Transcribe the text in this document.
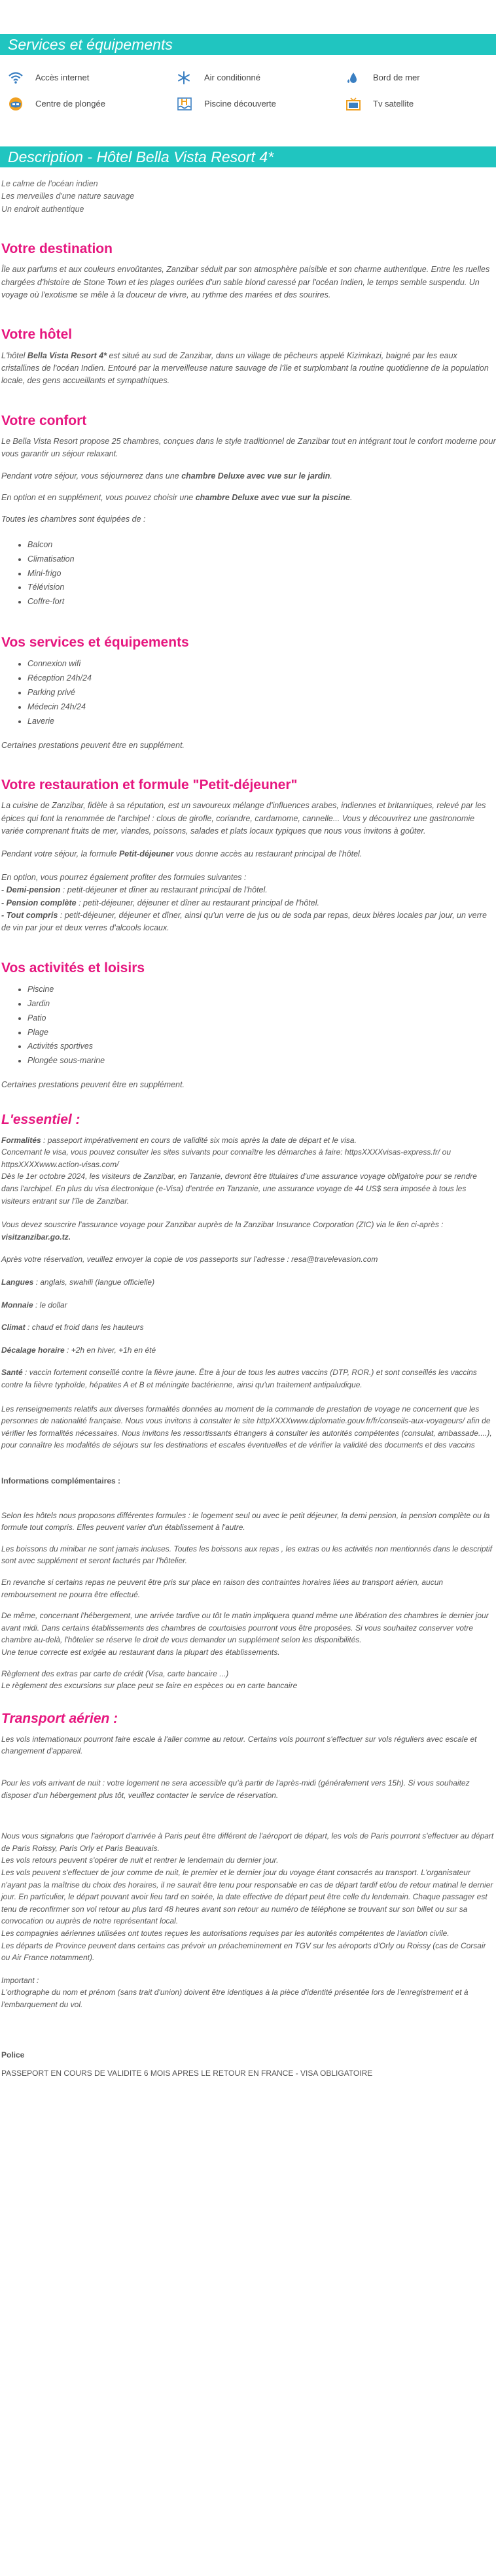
Services et équipements
Accès internet	Air conditionné	Bord de mer
Centre de plongée	Piscine découverte	Tv satellite
Description - Hôtel Bella Vista Resort 4*
Le calme de l'océan indien
Les merveilles d'une nature sauvage
Un endroit authentique
Votre destination

Île aux parfums et aux couleurs envoûtantes, Zanzibar séduit par son atmosphère paisible et son charme authentique. Entre les ruelles chargées d'histoire de Stone Town et les plages ourlées d'un sable blond caressé par l'océan Indien, le temps semble suspendu. Un voyage où l'exotisme se mêle à la douceur de vivre, au rythme des marées et des sourires.

Votre hôtel

L'hôtel Bella Vista Resort 4* est situé au sud de Zanzibar, dans un village de pêcheurs appelé Kizimkazi, baigné par les eaux cristallines de l'océan Indien. Entouré par la merveilleuse nature sauvage de l'île et surplombant la routine quotidienne de la population locale, des gens accueillants et sympathiques.

Votre confort

Le Bella Vista Resort propose 25 chambres, conçues dans le style traditionnel de Zanzibar tout en intégrant tout le confort moderne pour vous garantir un séjour relaxant.

Pendant votre séjour, vous séjournerez dans une chambre Deluxe avec vue sur le jardin.

En option et en supplément, vous pouvez choisir une chambre Deluxe avec vue sur la piscine.

Toutes les chambres sont équipées de :

• Balcon
• Climatisation
• Mini-frigo
• Télévision
• Coffre-fort
Vos services et équipements
• Connexion wifi
• Réception 24h/24
• Parking privé
• Médecin 24h/24
• Laverie

Certaines prestations peuvent être en supplément.

Votre restauration et formule "Petit-déjeuner"

La cuisine de Zanzibar, fidèle à sa réputation, est un savoureux mélange d'influences arabes, indiennes et britanniques, relevé par les épices qui font la renommée de l'archipel : clous de girofle, coriandre, cardamome, cannelle... Vous y découvrirez une gastronomie variée comprenant fruits de mer, viandes, poissons, salades et plats locaux typiques que nous vous invitons à goûter.

Pendant votre séjour, la formule Petit-déjeuner vous donne accès au restaurant principal de l'hôtel.

En option, vous pourrez également profiter des formules suivantes :
- Demi-pension : petit-déjeuner et dîner au restaurant principal de l'hôtel.
- Pension complète : petit-déjeuner, déjeuner et dîner au restaurant principal de l'hôtel.
- Tout compris : petit-déjeuner, déjeuner et dîner, ainsi qu'un verre de jus ou de soda par repas, deux bières locales par jour, un verre de vin par jour et deux verres d'alcools locaux.

Vos activités et loisirs
• Piscine
• Jardin
• Patio
• Plage
• Activités sportives
• Plongée sous-marine

Certaines prestations peuvent être en supplément.

L'essentiel :

Formalités : passeport impérativement en cours de validité six mois après la date de départ et le visa.
Concernant le visa, vous pouvez consulter les sites suivants pour connaître les démarches à faire: httpsXXXXvisas-express.fr/ ou httpsXXXXwww.action-visas.com/
Dès le 1er octobre 2024, les visiteurs de Zanzibar, en Tanzanie, devront être titulaires d'une assurance voyage obligatoire pour se rendre dans l'archipel. En plus du visa électronique (e-Visa) d'entrée en Tanzanie, une assurance voyage de 44 US$ sera imposée à tous les visiteurs entrant sur l'île de Zanzibar.

Vous devez souscrire l'assurance voyage pour Zanzibar auprès de la Zanzibar Insurance Corporation (ZIC) via le lien ci-après : visitzanzibar.go.tz.

Après votre réservation, veuillez envoyer la copie de vos passeports sur l'adresse : resa@travelevasion.com

Langues : anglais, swahili (langue officielle)

Monnaie : le dollar

Climat : chaud et froid dans les hauteurs

Décalage horaire : +2h en hiver, +1h en été

Santé : vaccin fortement conseillé contre la fièvre jaune. Être à jour de tous les autres vaccins (DTP, ROR.) et sont conseillés les vaccins contre la fièvre typhoïde, hépatites A et B et méningite bactérienne, ainsi qu'un traitement antipaludique.

Les renseignements relatifs aux diverses formalités données au moment de la commande de prestation de voyage ne concernent que les personnes de nationalité française. Nous vous invitons à consulter le site httpXXXXwww.diplomatie.gouv.fr/fr/conseils-aux-voyageurs/ afin de vérifier les formalités nécessaires. Nous invitons les ressortissants étrangers à consulter les autorités compétentes (consulat, ambassade....), pour connaître les modalités de séjours sur les destinations et escales éventuelles et de vérifier la validité des documents et des vaccins

Informations complémentaires :

Selon les hôtels nous proposons différentes formules : le logement seul ou avec le petit déjeuner, la demi pension, la pension complète ou la formule tout compris. Elles peuvent varier d'un établissement à l'autre.

Les boissons du minibar ne sont jamais incluses. Toutes les boissons aux repas , les extras ou les activités non mentionnés dans le descriptif sont avec supplément et seront facturés par l'hôtelier.

En revanche si certains repas ne peuvent être pris sur place en raison des contraintes horaires liées au transport aérien, aucun remboursement ne pourra être effectué.

De même, concernant l'hébergement, une arrivée tardive ou tôt le matin impliquera quand même une libération des chambres le dernier jour avant midi. Dans certains établissements des chambres de courtoisies pourront vous être proposées. Si vous souhaitez conserver votre chambre au-delà, l'hôtelier se réserve le droit de vous demander un supplément selon les disponibilités.
Une tenue correcte est exigée au restaurant dans la plupart des établissements.

Règlement des extras par carte de crédit (Visa, carte bancaire ...)
Le règlement des excursions sur place peut se faire en espèces ou en carte bancaire

Transport aérien :

Les vols internationaux pourront faire escale à l'aller comme au retour. Certains vols pourront s'effectuer sur vols réguliers avec escale et changement d'appareil.

Pour les vols arrivant de nuit : votre logement ne sera accessible qu'à partir de l'après-midi (généralement vers 15h). Si vous souhaitez disposer d'un hébergement plus tôt, veuillez contacter le service de réservation.

Nous vous signalons que l'aéroport d'arrivée à Paris peut être différent de l'aéroport de départ, les vols de Paris pourront s'effectuer au départ de Paris Roissy, Paris Orly et Paris Beauvais.
Les vols retours peuvent s'opérer de nuit et rentrer le lendemain du dernier jour.
Les vols peuvent s'effectuer de jour comme de nuit, le premier et le dernier jour du voyage étant consacrés au transport. L'organisateur n'ayant pas la maîtrise du choix des horaires, il ne saurait être tenu pour responsable en cas de départ tardif et/ou de retour matinal le dernier jour. En particulier, le départ pouvant avoir lieu tard en soirée, la date effective de départ peut être celle du lendemain. Chaque passager est tenu de reconfirmer son vol retour au plus tard 48 heures avant son retour au numéro de téléphone se trouvant sur son billet ou sur sa convocation ou auprès de notre représentant local.
Les compagnies aériennes utilisées ont toutes reçues les autorisations requises par les autorités compétentes de l'aviation civile.
Les départs de Province peuvent dans certains cas prévoir un préacheminement en TGV sur les aéroports d'Orly ou Roissy (cas de Corsair ou Air France notamment).

Important :
L'orthographe du nom et prénom (sans trait d'union) doivent être identiques à la pièce d'identité présentée lors de l'enregistrement et à l'embarquement du vol.

Police

PASSEPORT EN COURS DE VALIDITE 6 MOIS APRES LE RETOUR EN FRANCE - VISA OBLIGATOIRE
